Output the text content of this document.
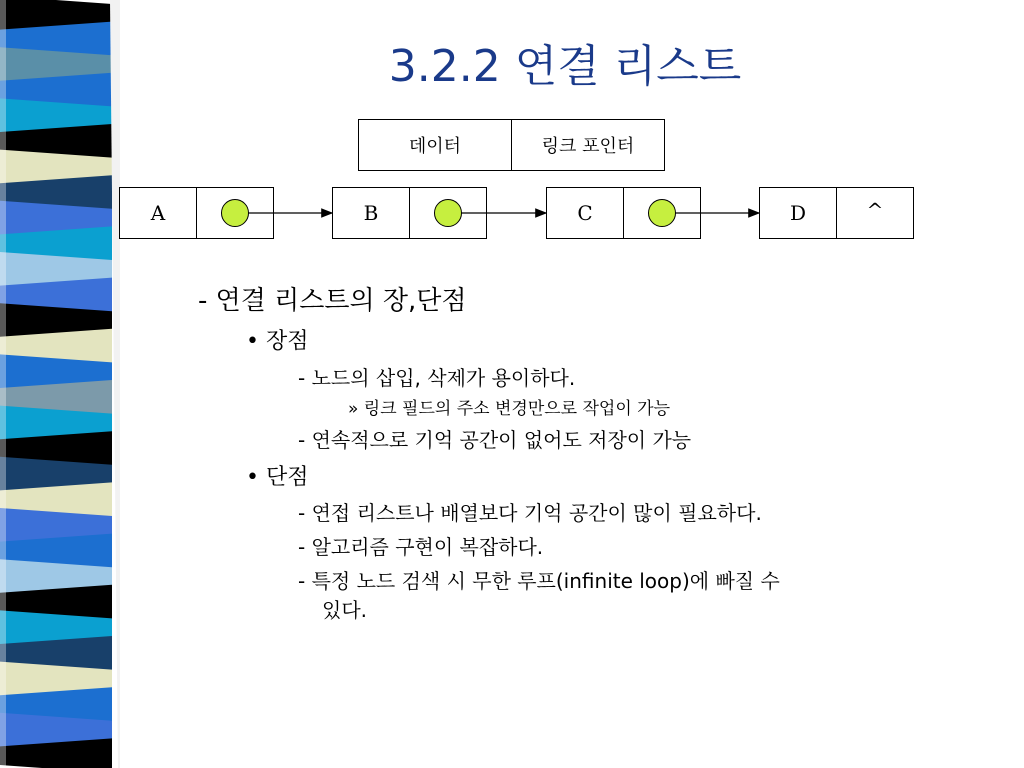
3.2.2 연결 리스트
데이터	링크 포인터
A	B	C	D	^
- 연결 리스트의 장,단점
• 장점
- 노드의 삽입, 삭제가 용이하다.
» 링크 필드의 주소 변경만으로 작업이 가능
- 연속적으로 기억 공간이 없어도 저장이 가능
• 단점
- 연접 리스트나 배열보다 기억 공간이 많이 필요하다.
- 알고리즘 구현이 복잡하다.
- 특정 노드 검색 시 무한 루프(infinite loop)에 빠질 수
있다.
